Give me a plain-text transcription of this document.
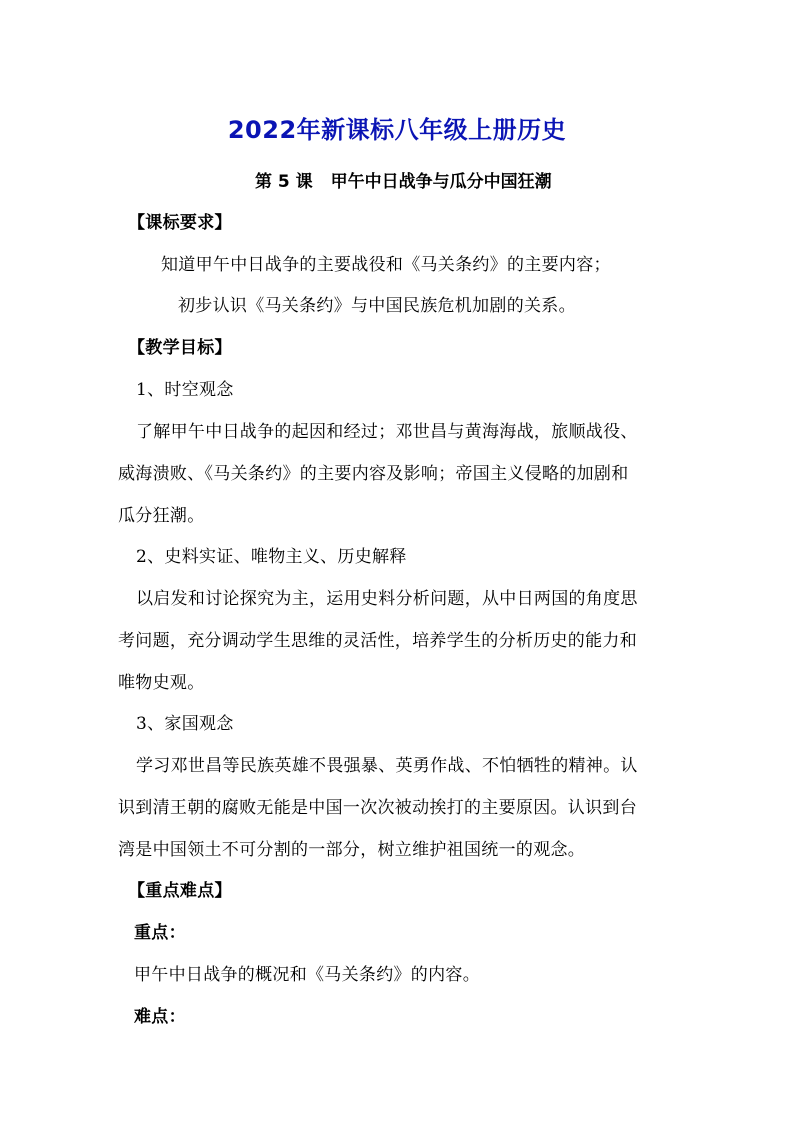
2022年新课标八年级上册历史
第 5 课 甲午中日战争与瓜分中国狂潮
【课标要求】
知道甲午中日战争的主要战役和《马关条约》的主要内容；
初步认识《马关条约》与中国民族危机加剧的关系。
【教学目标】
1、时空观念
了解甲午中日战争的起因和经过；邓世昌与黄海海战，旅顺战役、
威海溃败、《马关条约》的主要内容及影响；帝国主义侵略的加剧和
瓜分狂潮。
2、史料实证、唯物主义、历史解释
以启发和讨论探究为主，运用史料分析问题，从中日两国的角度思
考问题，充分调动学生思维的灵活性，培养学生的分析历史的能力和
唯物史观。
3、家国观念
学习邓世昌等民族英雄不畏强暴、英勇作战、不怕牺牲的精神。认
识到清王朝的腐败无能是中国一次次被动挨打的主要原因。认识到台
湾是中国领土不可分割的一部分，树立维护祖国统一的观念。
【重点难点】
重点：
甲午中日战争的概况和《马关条约》的内容。
难点：
